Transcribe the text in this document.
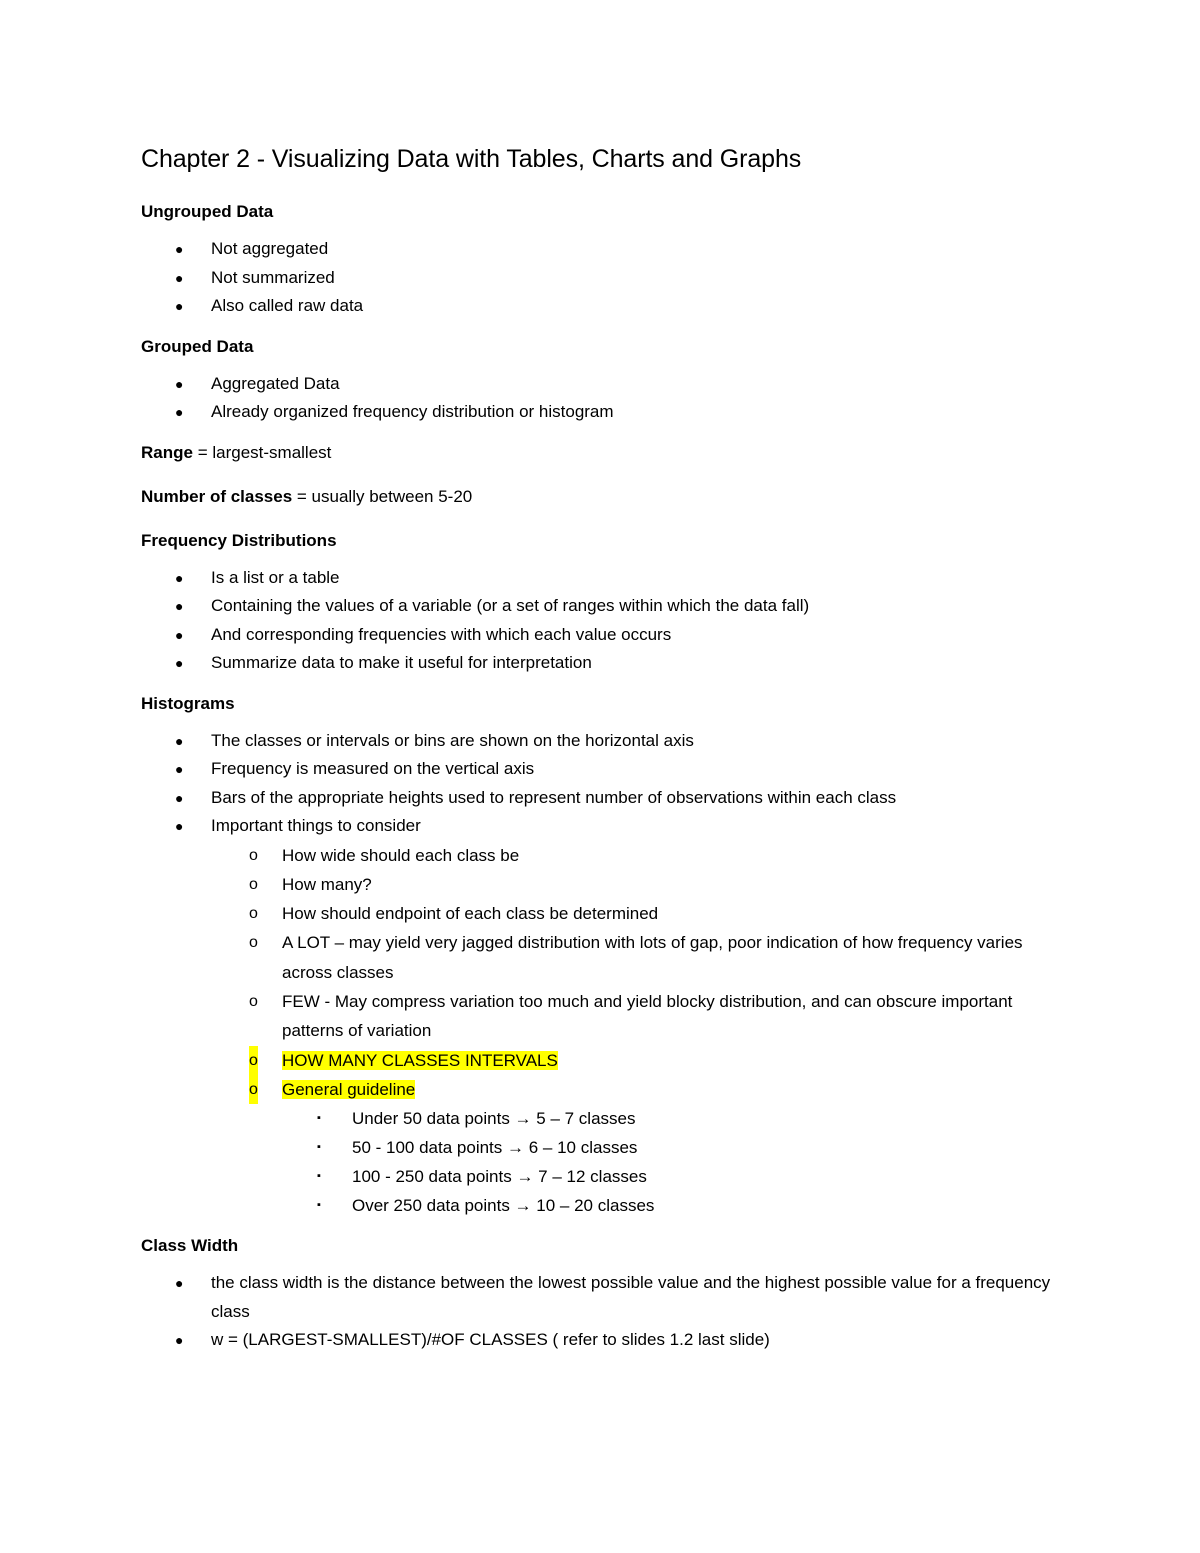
Chapter 2 - Visualizing Data with Tables, Charts and Graphs

Ungrouped Data

● Not aggregated
● Not summarized
● Also called raw data

Grouped Data

● Aggregated Data
● Already organized frequency distribution or histogram

Range = largest-smallest

Number of classes = usually between 5-20

Frequency Distributions

● Is a list or a table
● Containing the values of a variable (or a set of ranges within which the data fall)
● And corresponding frequencies with which each value occurs
● Summarize data to make it useful for interpretation

Histograms

● The classes or intervals or bins are shown on the horizontal axis
● Frequency is measured on the vertical axis
● Bars of the appropriate heights used to represent number of observations within each class
● Important things to consider
o How wide should each class be
o How many?
o How should endpoint of each class be determined
o A LOT – may yield very jagged distribution with lots of gap, poor indication of how frequency varies across classes
o FEW - May compress variation too much and yield blocky distribution, and can obscure important patterns of variation
o HOW MANY CLASSES INTERVALS
o General guideline
▪ Under 50 data points → 5 – 7 classes
▪ 50 - 100 data points → 6 – 10 classes
▪ 100 - 250 data points → 7 – 12 classes
▪ Over 250 data points → 10 – 20 classes

Class Width

● the class width is the distance between the lowest possible value and the highest possible value for a frequency class
● w = (LARGEST-SMALLEST)/#OF CLASSES ( refer to slides 1.2 last slide)
